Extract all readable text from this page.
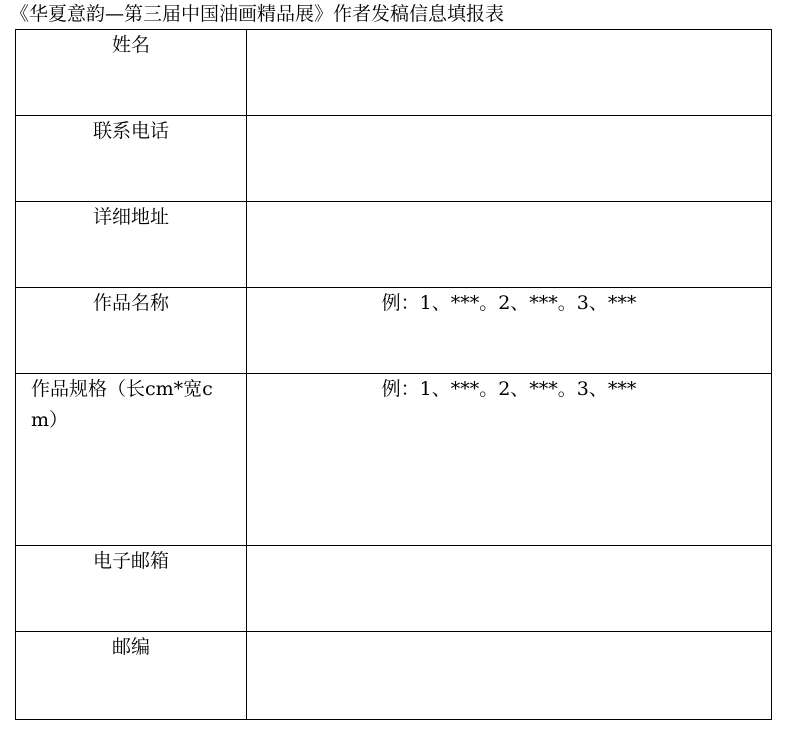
《华夏意韵—第三届中国油画精品展》作者发稿信息填报表
姓名	
联系电话	
详细地址	
作品名称	例：1、***。2、***。3、***
作品规格（长cm*宽cm）	例：1、***。2、***。3、***
电子邮箱	
邮编	
